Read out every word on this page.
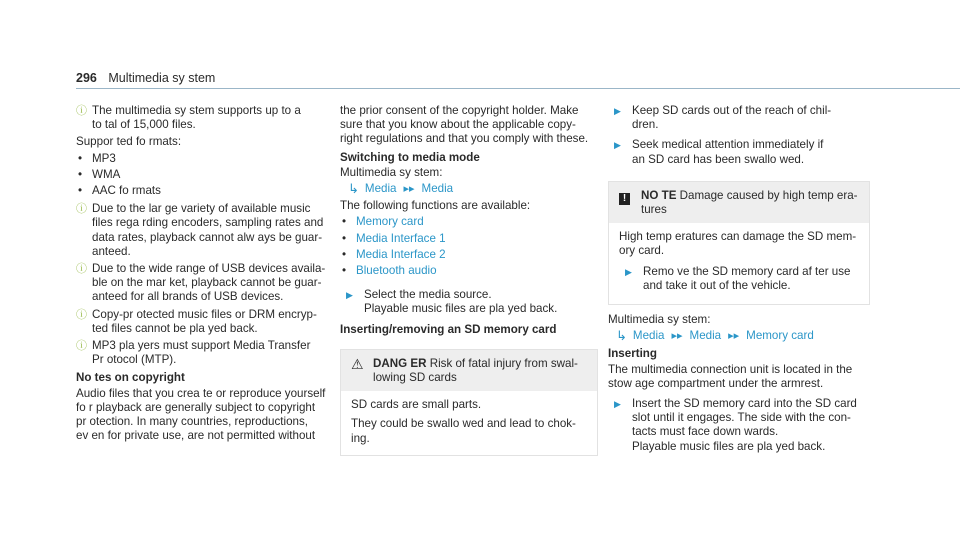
296 Multimedia sy stem
ⓘ The multimedia sy stem supports up to a
to tal of 15,000 files.

Suppor ted fo rmats:

• MP3
• WMA
• AAC fo rmats
ⓘ Due to the lar ge variety of available music
files rega rding encoders, sampling rates and
data rates, playback cannot alw ays be guar‐
anteed.
ⓘ Due to the wide range of USB devices availa‐
ble on the mar ket, playback cannot be guar‐
anteed for all brands of USB devices.
ⓘ Copy-pr otected music files or DRM encryp‐
ted files cannot be pla yed back.
ⓘ MP3 pla yers must support Media Transfer
Pr otocol (MTP).

No tes on copyright

Audio files that you crea te or reproduce yourself
fo r playback are generally subject to copyright
pr otection. In many countries, reproductions,
ev en for private use, are not permitted without

the prior consent of the copyright holder. Make
sure that you know about the applicable copy‐
right regulations and that you comply with these.

Switching to media mode

Multimedia sy stem:

↳ Media ▸▸ Media

The following functions are available:

• Memory card
• Media Interface 1
• Media Interface 2
• Bluetooth audio
▶ Select the media source.
Playable music files are pla yed back.

Inserting/removing an SD memory card

⚠ DANG ER Risk of fatal injury from swal‐
lowing SD cards

SD cards are small parts.

They could be swallo wed and lead to chok‐
ing.

▶ Keep SD cards out of the reach of chil‐
dren.
▶ Seek medical attention immediately if
an SD card has been swallo wed.
!	NO TE Damage caused by high temp era‐
tures

High temp eratures can damage the SD mem‐
ory card.

▶ Remo ve the SD memory card af ter use
and take it out of the vehicle.

Multimedia sy stem:

↳ Media ▸▸ Media ▸▸ Memory card

Inserting

The multimedia connection unit is located in the
stow age compartment under the armrest.

▶ Insert the SD memory card into the SD card
slot until it engages. The side with the con‐
tacts must face down wards.
Playable music files are pla yed back.
